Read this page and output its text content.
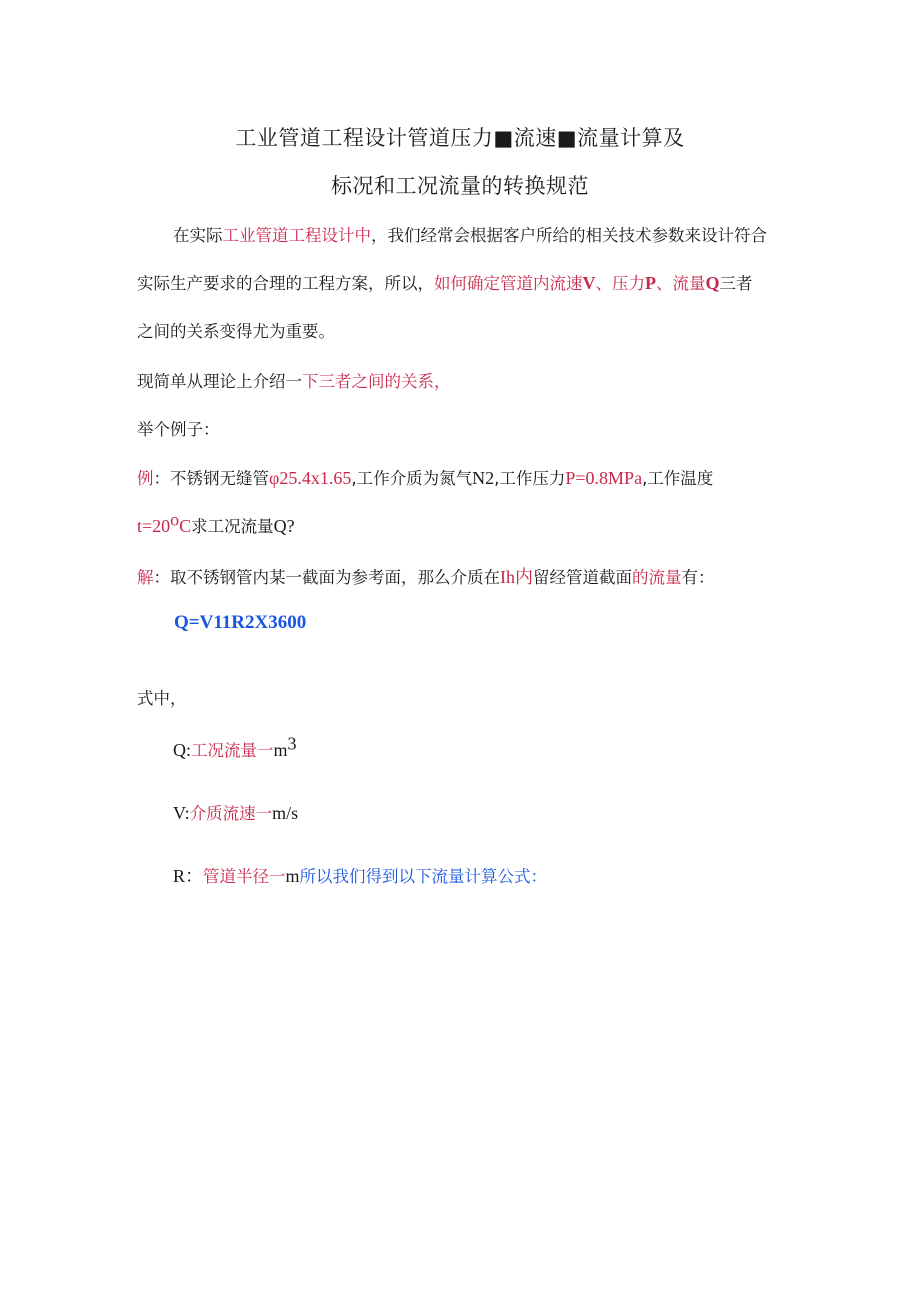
工业管道工程设计管道压力■流速■流量计算及
标况和工况流量的转换规范
在实际工业管道工程设计中，我们经常会根据客户所给的相关技术参数来设计符合
实际生产要求的合理的工程方案，所以，如何确定管道内流速V、压力P、流量Q三者
之间的关系变得尤为重要。
现简单从理论上介绍一下三者之间的关系，
举个例子：
例：不锈钢无缝管φ25.4x1.65,工作介质为氮气N2,工作压力P=0.8MPa,工作温度
$t=20^oC$求工况流量Q?
解：取不锈钢管内某一截面为参考面，那么介质在Ih内留经管道截面的流量有：
Q=V11R2X3600
式中，
Q:工况流量一$m^3$
V:介质流速一m/s
R：管道半径一m所以我们得到以下流量计算公式：
